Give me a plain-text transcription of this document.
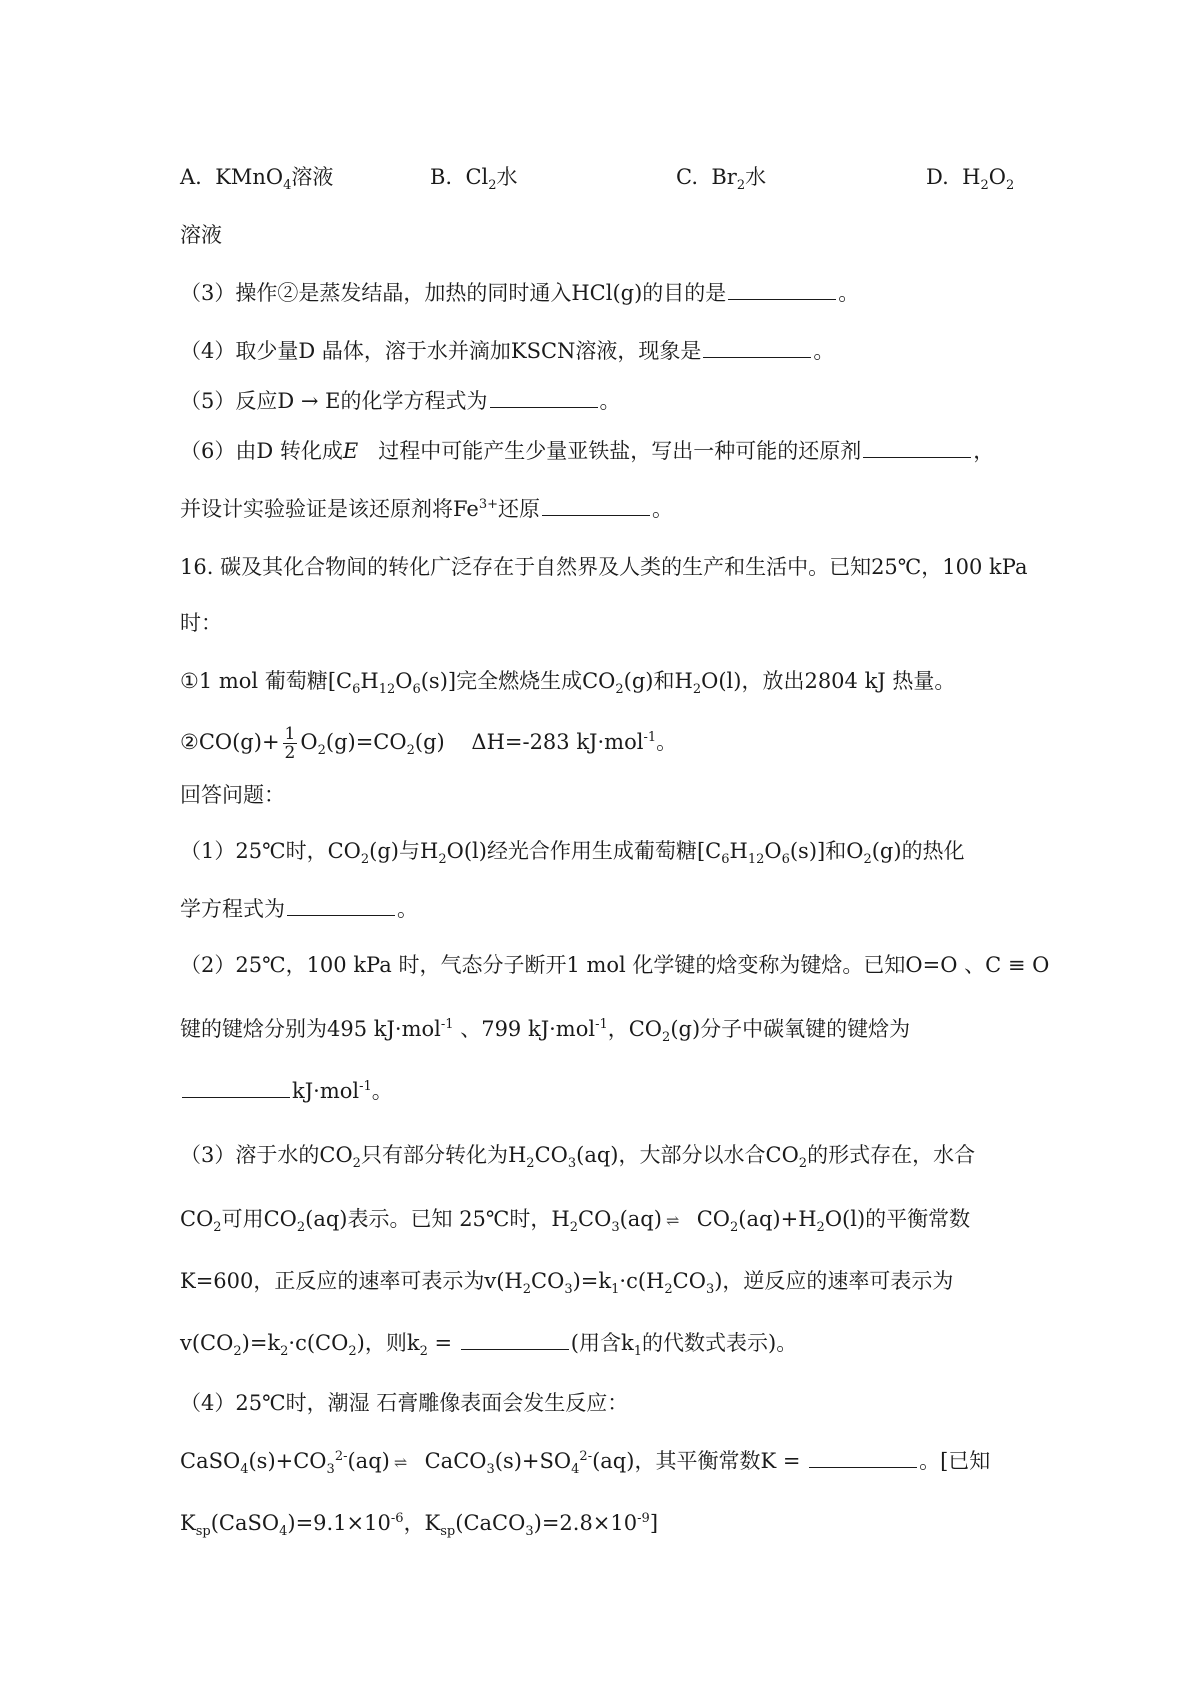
A.  KMnO$_4$溶液	B.  $Cl_2$水	C.  $Br_2$水	D.  $H_2O_2$
溶液
（3）操作②是蒸发结晶，加热的同时通入HCl(g)的目的是	。
（4）取少量D 晶体，溶于水并滴加KSCN溶液，现象是	。
（5）反应D → E的化学方程式为	。
（6）由D 转化成E 过程中可能产生少量亚铁盐，写出一种可能的还原剂	，
并设计实验验证是该还原剂将$Fe^{3+}$还原	。
16. 碳及其化合物间的转化广泛存在于自然界及人类的生产和生活中。已知25℃，100 kPa
时：
①1 mol 葡萄糖$[C_6H_{12}O_6(s)]$完全燃烧生成$CO_2(g)$和$H_2O(l)$，放出2804 kJ 热量。
②CO(g)+ $\frac{1}{2} O_2(g)=CO_2(g)$    ΔH=-283 kJ·mol$^{-1}$。
回答问题：
（1）25℃时，$CO_2(g)$与$H_2O(l)$经光合作用生成葡萄糖$[C_6H_{12}O_6(s)]$和$O_2(g)$的热化
学方程式为	。
（2）25℃，100 kPa 时，气态分子断开1 mol 化学键的焓变称为键焓。已知O=O 、C ≡ O
键的键焓分别为495 kJ·mol$^{-1}$ 、799 kJ·mol$^{-1}$，$CO_2(g)$分子中碳氧键的键焓为
kJ·mol$^{-1}$。
（3）溶于水的$CO_2$只有部分转化为$H_2CO_3(aq)$，大部分以水合$CO_2$的形式存在，水合
$CO_2$可用$CO_2(aq)$表示。已知 25℃时，$H_2CO_3(aq)$ ⇌  $CO_2(aq)+H_2O(l)$的平衡常数
K=600，正反应的速率可表示为$v(H_2CO_3)=k_1\cdot c(H_2CO_3)$，逆反应的速率可表示为
$v(CO_2)=k_2\cdot c(CO_2)$，则$k_2$ =	(用含$k_1$的代数式表示)。
（4）25℃时，潮湿 石膏雕像表面会发生反应：
$CaSO_4(s)+CO_3^{2-}(aq)$ ⇌  $CaCO_3(s)+SO_4^{2-}(aq)$，其平衡常数K =	。[已知
$K_{sp}(CaSO_4)=9.1\times 10^{-6}$，$K_{sp}(CaCO_3)=2.8\times 10^{-9}$]
